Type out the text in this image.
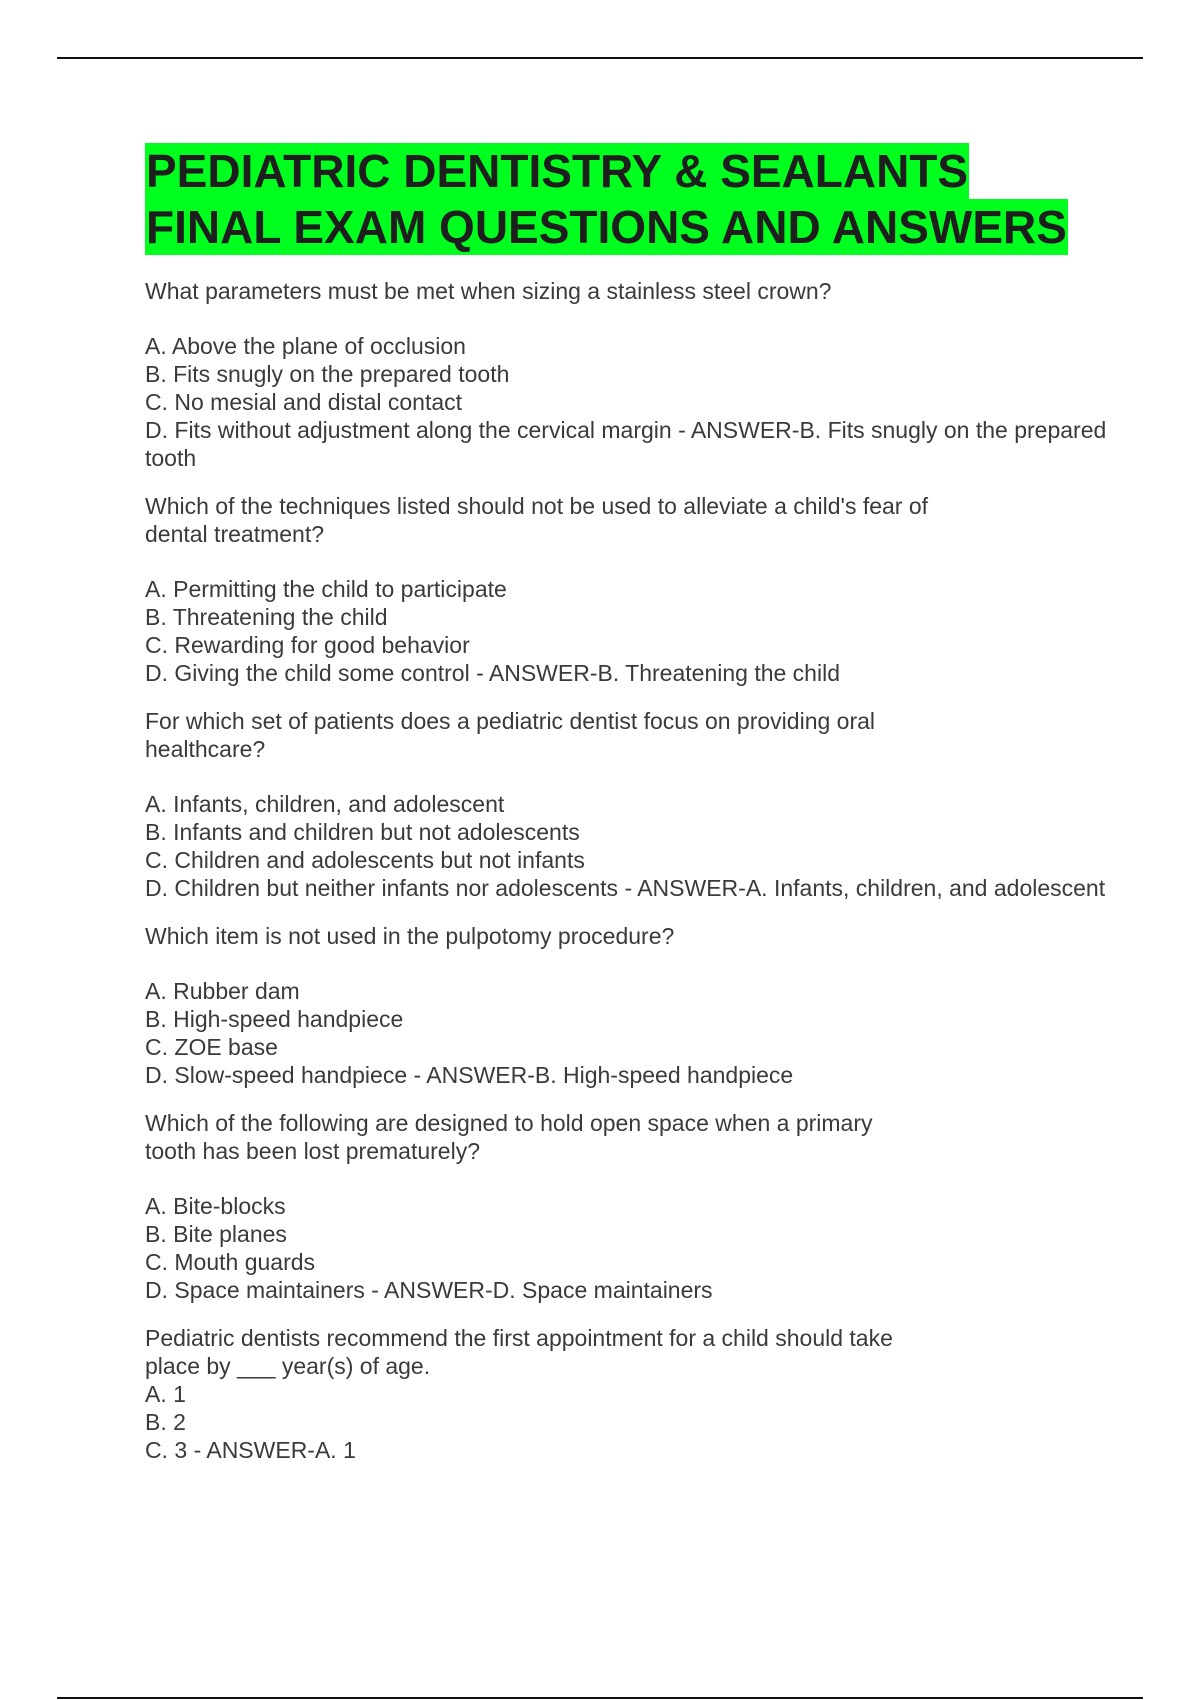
PEDIATRIC DENTISTRY & SEALANTS
FINAL EXAM QUESTIONS AND ANSWERS
What parameters must be met when sizing a stainless steel crown?
A. Above the plane of occlusion
B. Fits snugly on the prepared tooth
C. No mesial and distal contact
D. Fits without adjustment along the cervical margin - ANSWER-B. Fits snugly on the prepared tooth
Which of the techniques listed should not be used to alleviate a child's fear of dental treatment?
A. Permitting the child to participate
B. Threatening the child
C. Rewarding for good behavior
D. Giving the child some control - ANSWER-B. Threatening the child
For which set of patients does a pediatric dentist focus on providing oral healthcare?
A. Infants, children, and adolescent
B. Infants and children but not adolescents
C. Children and adolescents but not infants
D. Children but neither infants nor adolescents - ANSWER-A. Infants, children, and adolescent
Which item is not used in the pulpotomy procedure?
A. Rubber dam
B. High-speed handpiece
C. ZOE base
D. Slow-speed handpiece - ANSWER-B. High-speed handpiece
Which of the following are designed to hold open space when a primary tooth has been lost prematurely?
A. Bite-blocks
B. Bite planes
C. Mouth guards
D. Space maintainers - ANSWER-D. Space maintainers
Pediatric dentists recommend the first appointment for a child should take place by ___ year(s) of age.
A. 1
B. 2
C. 3 - ANSWER-A. 1
